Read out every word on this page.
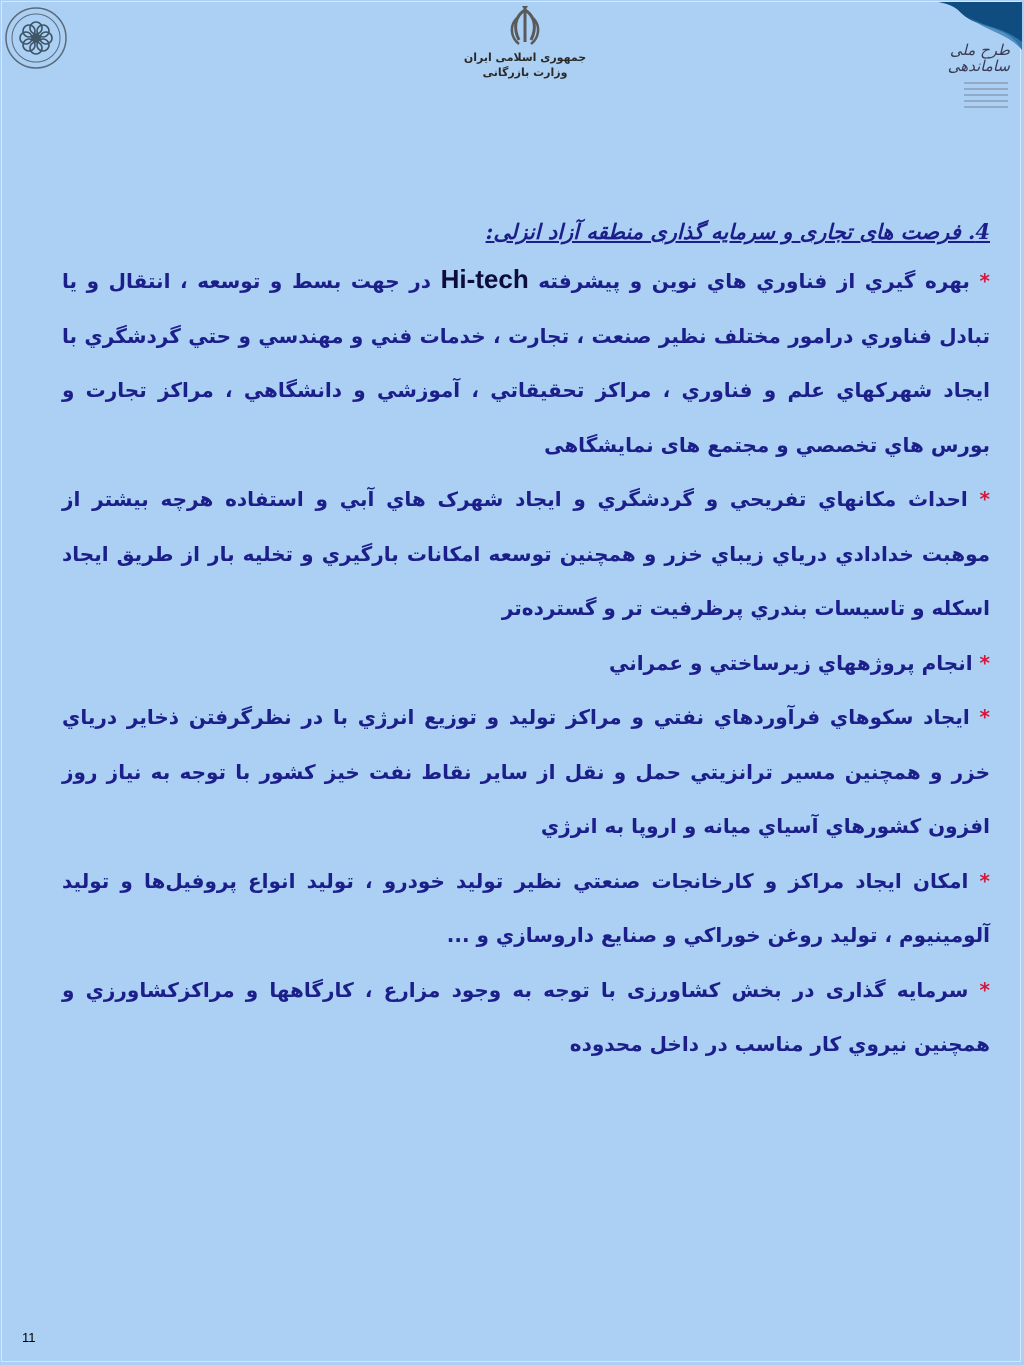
جمهوری اسلامی ایران
وزارت بازرگانی
طرح ملی ساماندهی

4. فرصت های تجاری و سرمایه گذاری منطقه آزاد انزلی:

* بهره گيري از فناوري هاي نوين و پيشرفته Hi-tech در جهت بسط و توسعه ، انتقال و يا تبادل فناوري درامور مختلف نظير صنعت ، تجارت ، خدمات فني و مهندسي و حتي گردشگري با ايجاد شهركهاي علم و فناوري ، مراكز تحقيقاتي ، آموزشي و دانشگاهي ، مراكز تجارت و بورس هاي تخصصي و مجتمع های نمایشگاهی

* احداث مكانهاي تفريحي و گردشگري و ايجاد شهرک هاي آبي و استفاده هرچه بيشتر از موهبت خدادادي درياي زيباي خزر و همچنين توسعه امكانات بارگيري و تخليه بار از طريق ايجاد اسكله و تاسيسات بندري پرظرفيت تر و گسترده‌تر

* انجام پروژههاي زيرساختي و عمراني

* ايجاد سكوهاي فرآوردهاي نفتي و مراكز توليد و توزيع انرژي با در نظرگرفتن ذخاير درياي خزر و همچنين مسير ترانزيتي حمل و نقل از ساير نقاط نفت خيز كشور با توجه به نياز روز افزون كشورهاي آسياي ميانه و اروپا به انرژي

* امكان ايجاد مراكز و كارخانجات صنعتي نظير توليد خودرو ، توليد انواع پروفيل‌ها و توليد آلومينيوم ، توليد روغن خوراكي و صنايع داروسازي و ...

* سرمایه گذاری در بخش کشاورزی با توجه به وجود مزارع ، كارگاهها و مراكزكشاورزي و همچنين نيروي كار مناسب در داخل محدوده

11
